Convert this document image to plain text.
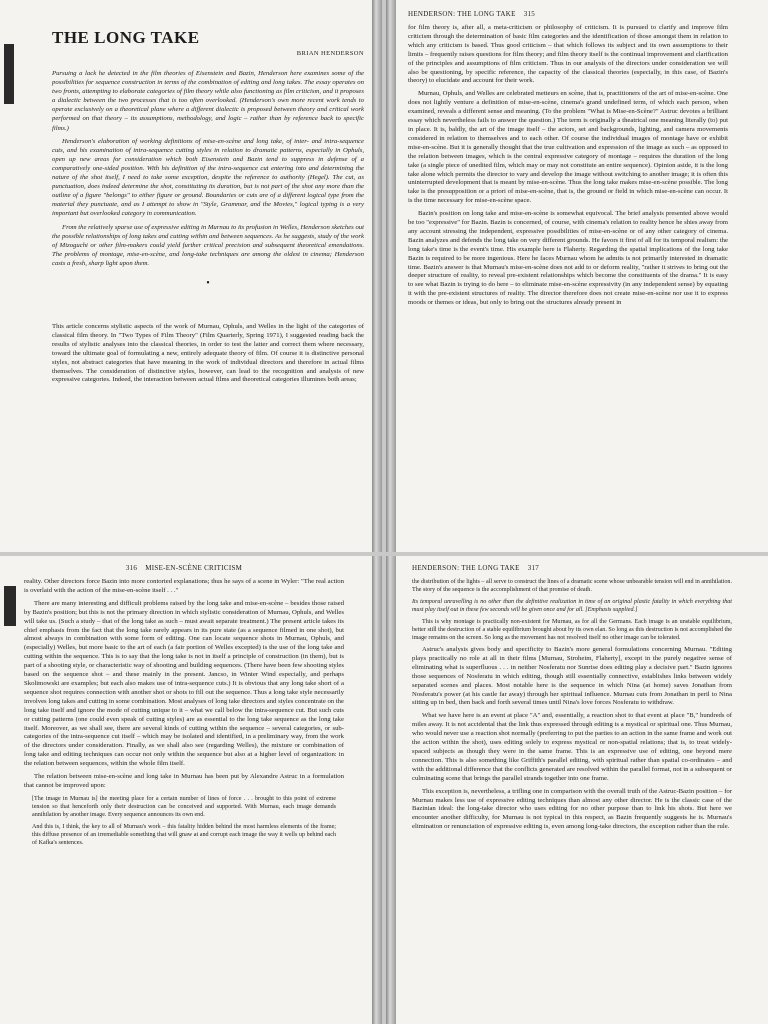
THE LONG TAKE
BRIAN HENDERSON

Pursuing a lack he detected in the film theories of Eisenstein and Bazin, Henderson here examines some of the possibilities for sequence construction in terms of the combination of editing and long takes. The essay operates on two fronts, attempting to elaborate categories of film theory while also functioning as film criticism, and it proposes a dialectic between the two processes that is too often overlooked. (Henderson's own more recent work tends to operate exclusively on a theoretical plane where a different dialectic is proposed between theory and critical work performed on that theory – its assumptions, methodology, and logic – rather than by reference back to specific films.)

Henderson's elaboration of working definitions of mise-en-scène and long take, of inter- and intra-sequence cuts, and his examination of intra-sequence cutting styles in relation to dramatic patterns, especially in Ophuls, open up new areas for consideration which both Eisenstein and Bazin tend to suppress in defense of a comparatively one-sided position. With his definition of the intra-sequence cut entering into and determining the nature of the shot itself, I need to take some exception, despite the reference to authority (Hegel). The cut, as punctuation, does indeed determine the shot, constituting its duration, but is not part of the shot any more than the outline of a figure "belongs" to either figure or ground. Boundaries or cuts are of a different logical type from the material they punctuate, and as I attempt to show in "Style, Grammar, and the Movies," logical typing is a very important but overlooked category in communication.

From the relatively sparse use of expressive editing in Murnau to its profusion in Welles, Henderson sketches out the possible relationships of long takes and cutting within and between sequences. As he suggests, study of the work of Mizoguchi or other film-makers could yield further critical precision and subsequent theoretical emendations. The problems of montage, mise-en-scène, and long-take techniques are among the oldest in cinema; Henderson casts a fresh, sharp light upon them.

•

This article concerns stylistic aspects of the work of Murnau, Ophuls, and Welles in the light of the categories of classical film theory. In "Two Types of Film Theory" (Film Quarterly, Spring 1971), I suggested reading back the results of stylistic analyses into the classical theories, in order to test the latter and correct them where necessary, toward the ultimate goal of formulating a new, entirely adequate theory of film. Of course it is distinctive personal styles, not abstract categories that have meaning in the work of individual directors and therefore in actual films themselves. The consideration of distinctive styles, however, can lead to the recognition and analysis of new expressive categories. Indeed, the interaction between actual films and theoretical categories illumines both areas;

HENDERSON: THE LONG TAKE 315

for film theory is, after all, a meta-criticism or philosophy of criticism. It is pursued to clarify and improve film criticism through the determination of basic film categories and the identification of those amongst them in relation to which any criticism is based. Thus good criticism – that which follows its subject and its own assumptions to their limits – frequently raises questions for film theory; and film theory itself is the continual improvement and clarification of the principles and assumptions of film criticism. Thus in our analysis of the directors under consideration we will also be questioning, by specific reference, the capacity of the classical theories (especially, in this case, of Bazin's theory) to elucidate and account for their work.

Murnau, Ophuls, and Welles are celebrated metteurs en scène, that is, practitioners of the art of mise-en-scène. One does not lightly venture a definition of mise-en-scène, cinema's grand undefined term, of which each person, when examined, reveals a different sense and meaning. (To the problem "What is Mise-en-Scène?" Astruc devotes a brilliant essay which nevertheless fails to answer the question.) The term is originally a theatrical one meaning literally (to) put in place. It is, baldly, the art of the image itself – the actors, set and backgrounds, lighting, and camera movements considered in relation to themselves and to each other. Of course the individual images of montage have or exhibit mise-en-scène. But it is generally thought that the true cultivation and expression of the image as such – as opposed to the relation between images, which is the central expressive category of montage – requires the duration of the long take (a single piece of unedited film, which may or may not constitute an entire sequence). Opinion aside, it is the long take alone which permits the director to vary and develop the image without switching to another image; it is often this uninterrupted development that is meant by mise-en-scène. Thus the long take makes mise-en-scène possible. The long take is the presupposition or a priori of mise-en-scène, that is, the ground or field in which mise-en-scène can occur. It is the time necessary for mise-en-scène space.

Bazin's position on long take and mise-en-scène is somewhat equivocal. The brief analysis presented above would be too "expressive" for Bazin. Bazin is concerned, of course, with cinema's relation to reality hence he shies away from any account stressing the independent, expressive possibilities of mise-en-scène or of any other category of cinema. Bazin analyzes and defends the long take on very different grounds. He favors it first of all for its temporal realism: the long take's time is the event's time. His example here is Flaherty. Regarding the spatial implications of the long take Bazin is required to be more ingenious. Here he faces Murnau whom he admits is not primarily interested in dramatic time. Bazin's answer is that Murnau's mise-en-scène does not add to or deform reality, "rather it strives to bring out the deeper structure of reality, to reveal pre-existent relationships which become the constituents of the drama." It is easy to see what Bazin is trying to do here – to eliminate mise-en-scène expressivity (in any independent sense) by equating it with the pre-existent structures of reality. The director therefore does not create mise-en-scène nor use it to express moods or themes or ideas, but only to bring out the structures already present in

316 MISE-EN-SCÈNE CRITICISM

reality. Other directors force Bazin into more contorted explanations; thus he says of a scene in Wyler: "The real action is overlaid with the action of the mise-en-scène itself . . ."

There are many interesting and difficult problems raised by the long take and mise-en-scène – besides those raised by Bazin's position; but this is not the primary direction in which stylistic consideration of Murnau, Ophuls, and Welles will take us. (Such a study – that of the long take as such – must await separate treatment.) The present article takes its chief emphasis from the fact that the long take rarely appears in its pure state (as a sequence filmed in one shot), but almost always in combination with some form of editing. One can locate sequence shots in Murnau, Ophuls, and (especially) Welles, but more basic to the art of each (a fair portion of Welles excepted) is the use of the long take and cutting within the sequence. This is to say that the long take is not in itself a principle of construction (in them), but is part of a shooting style, or characteristic way of shooting and building sequences. (There have been few shooting styles based on the sequence shot – and these mainly in the present. Jancso, in Winter Wind especially, and perhaps Skolimowski are examples; but each also makes use of intra-sequence cuts.) It is obvious that any long take short of a sequence shot requires connection with another shot or shots to fill out the sequence. Thus a long take style necessarily involves long takes and cutting in some combination. Most analyses of long take directors and styles concentrate on the long take itself and ignore the mode of cutting unique to it – what we call below the intra-sequence cut. But such cuts or cutting patterns (one could even speak of cutting styles) are as essential to the long take sequence as the long take itself. Moreover, as we shall see, there are several kinds of cutting within the sequence – several categories, or sub-categories of the intra-sequence cut itself – which may be isolated and identified, in a preliminary way, from the work of the directors under consideration. Finally, as we shall also see (regarding Welles), the mixture or combination of long take and editing techniques can occur not only within the sequence but also at a higher level of organization: in the relation between sequences, within the whole film itself.

The relation between mise-en-scène and long take in Murnau has been put by Alexandre Astruc in a formulation that cannot be improved upon:

[The image in Murnau is] the meeting place for a certain number of lines of force . . . brought to this point of extreme tension so that henceforth only their destruction can be conceived and supported. With Murnau, each image demands annihilation by another image. Every sequence announces its own end.
And this is, I think, the key to all of Murnau's work – this fatality hidden behind the most harmless elements of the frame; this diffuse presence of an irremediable something that will gnaw at and corrupt each image the way it wells up behind each of Kafka's sentences.
HENDERSON: THE LONG TAKE 317
the distribution of the lights – all serve to construct the lines of a dramatic scene whose unbearable tension will end in annihilation. The story of the sequence is the accomplishment of that promise of death.
Its temporal unravelling is no other than the definitive realization in time of an original plastic fatality in which everything that must play itself out in these few seconds will be given once and for all. [Emphasis supplied.]
This is why montage is practically non-existent for Murnau, as for all the Germans. Each image is an unstable equilibrium, better still the destruction of a stable equilibrium brought about by its own elan. So long as this destruction is not accomplished the image remains on the screen. So long as the movement has not resolved itself no other image can be tolerated.

Astruc's analysis gives body and specificity to Bazin's more general formulations concerning Murnau. "Editing plays practically no role at all in their films [Murnau, Stroheim, Flaherty], except in the purely negative sense of eliminating what is superfluous . . . in neither Nosferatu nor Sunrise does editing play a decisive part." Bazin ignores those sequences of Nosferatu in which editing, though still essentially connective, establishes links between widely separated scenes and places. Most notable here is the sequence in which Nina (at home) saves Jonathan from Nosferatu's power (at his castle far away) through her spiritual influence. Murnau cuts from Jonathan in peril to Nina sitting up in bed, then back and forth several times until Nina's love forces Nosferatu to withdraw.

What we have here is an event at place "A" and, essentially, a reaction shot to that event at place "B," hundreds of miles away. It is not accidental that the link thus expressed through editing is a mystical or spiritual one. Thus Murnau, who would never use a reaction shot normally (preferring to put the parties to an action in the same frame and work out the action within the shot), uses editing solely to express mystical or non-spatial relations; that is, to treat widely-spaced subjects as though they were in the same frame. This is an expressive use of editing, one beyond mere connection. This is also something like Griffith's parallel editing, with spiritual rather than spatial co-ordinates – and with the additional difference that the conflicts generated are resolved within the parallel format, not in a subsequent or culminating scene that brings the parallel strands together into one frame.

This exception is, nevertheless, a trifling one in comparison with the overall truth of the Astruc-Bazin position – for Murnau makes less use of expressive editing techniques than almost any other director. He is the classic case of the Bazinian ideal: the long-take director who uses editing for no other purpose than to link his shots. But here we encounter another difficulty, for Murnau is not typical in this respect, as Bazin frequently suggests he is. Murnau's elimination or renunciation of expressive editing is, even among long-take directors, the exception rather than the rule.
